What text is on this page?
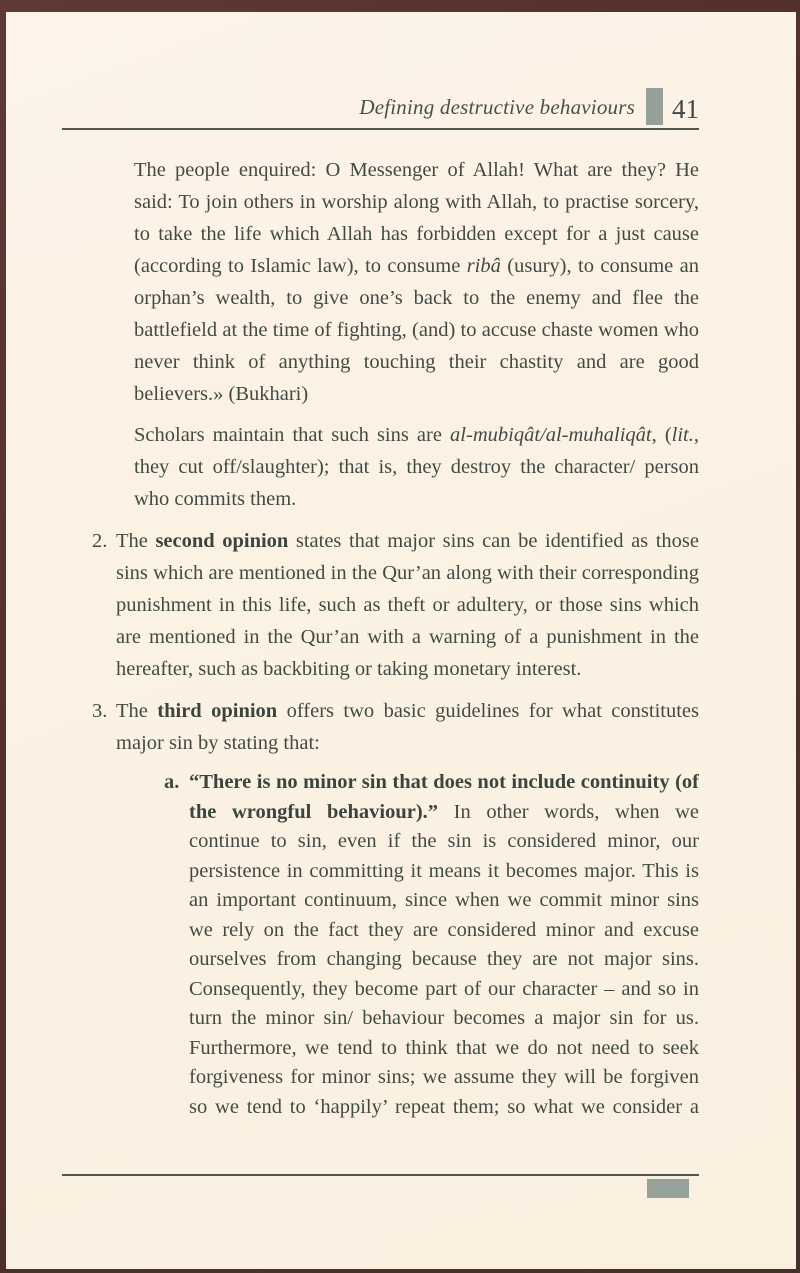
Defining destructive behaviours 41

The people enquired: O Messenger of Allah! What are they? He said: To join others in worship along with Allah, to practise sorcery, to take the life which Allah has forbidden except for a just cause (according to Islamic law), to consume ribâ (usury), to consume an orphan’s wealth, to give one’s back to the enemy and flee the battlefield at the time of fighting, (and) to accuse chaste women who never think of anything touching their chastity and are good believers.» (Bukhari)

Scholars maintain that such sins are al-mubiqât/al-muhaliqât, (lit., they cut off/slaughter); that is, they destroy the character/ person who commits them.

2. The second opinion states that major sins can be identified as those sins which are mentioned in the Qur’an along with their corresponding punishment in this life, such as theft or adultery, or those sins which are mentioned in the Qur’an with a warning of a punishment in the hereafter, such as backbiting or taking monetary interest.
3. The third opinion offers two basic guidelines for what constitutes major sin by stating that:
a. “There is no minor sin that does not include continuity (of the wrongful behaviour).” In other words, when we continue to sin, even if the sin is considered minor, our persistence in committing it means it becomes major. This is an important continuum, since when we commit minor sins we rely on the fact they are considered minor and excuse ourselves from changing because they are not major sins. Consequently, they become part of our character – and so in turn the minor sin/ behaviour becomes a major sin for us. Furthermore, we tend to think that we do not need to seek forgiveness for minor sins; we assume they will be forgiven so we tend to ‘happily’ repeat them; so what we consider a
